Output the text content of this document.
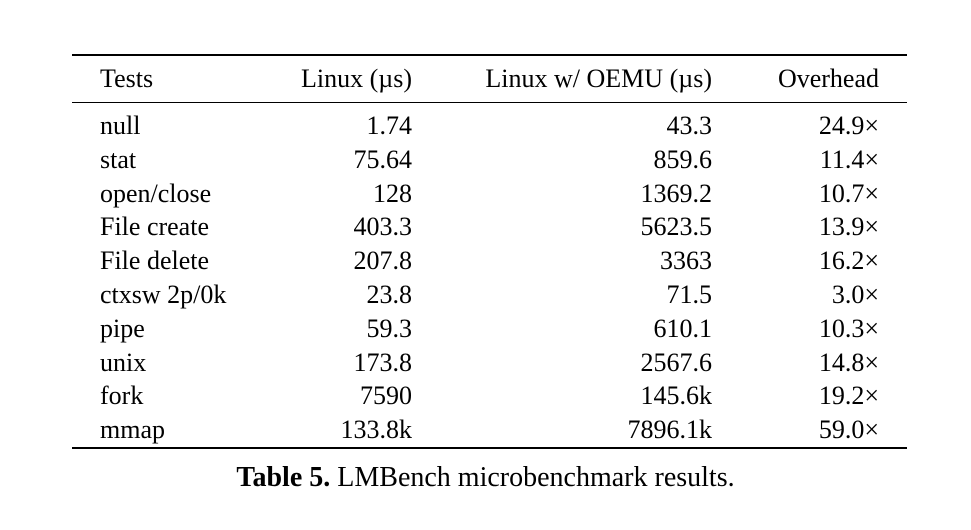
Tests	Linux (µs)	Linux w/ OEMU (µs)	Overhead
null	1.74	43.3	24.9×
stat	75.64	859.6	11.4×
open/close	128	1369.2	10.7×
File create	403.3	5623.5	13.9×
File delete	207.8	3363	16.2×
ctxsw 2p/0k	23.8	71.5	3.0×
pipe	59.3	610.1	10.3×
unix	173.8	2567.6	14.8×
fork	7590	145.6k	19.2×
mmap	133.8k	7896.1k	59.0×
Table 5. LMBench microbenchmark results.
